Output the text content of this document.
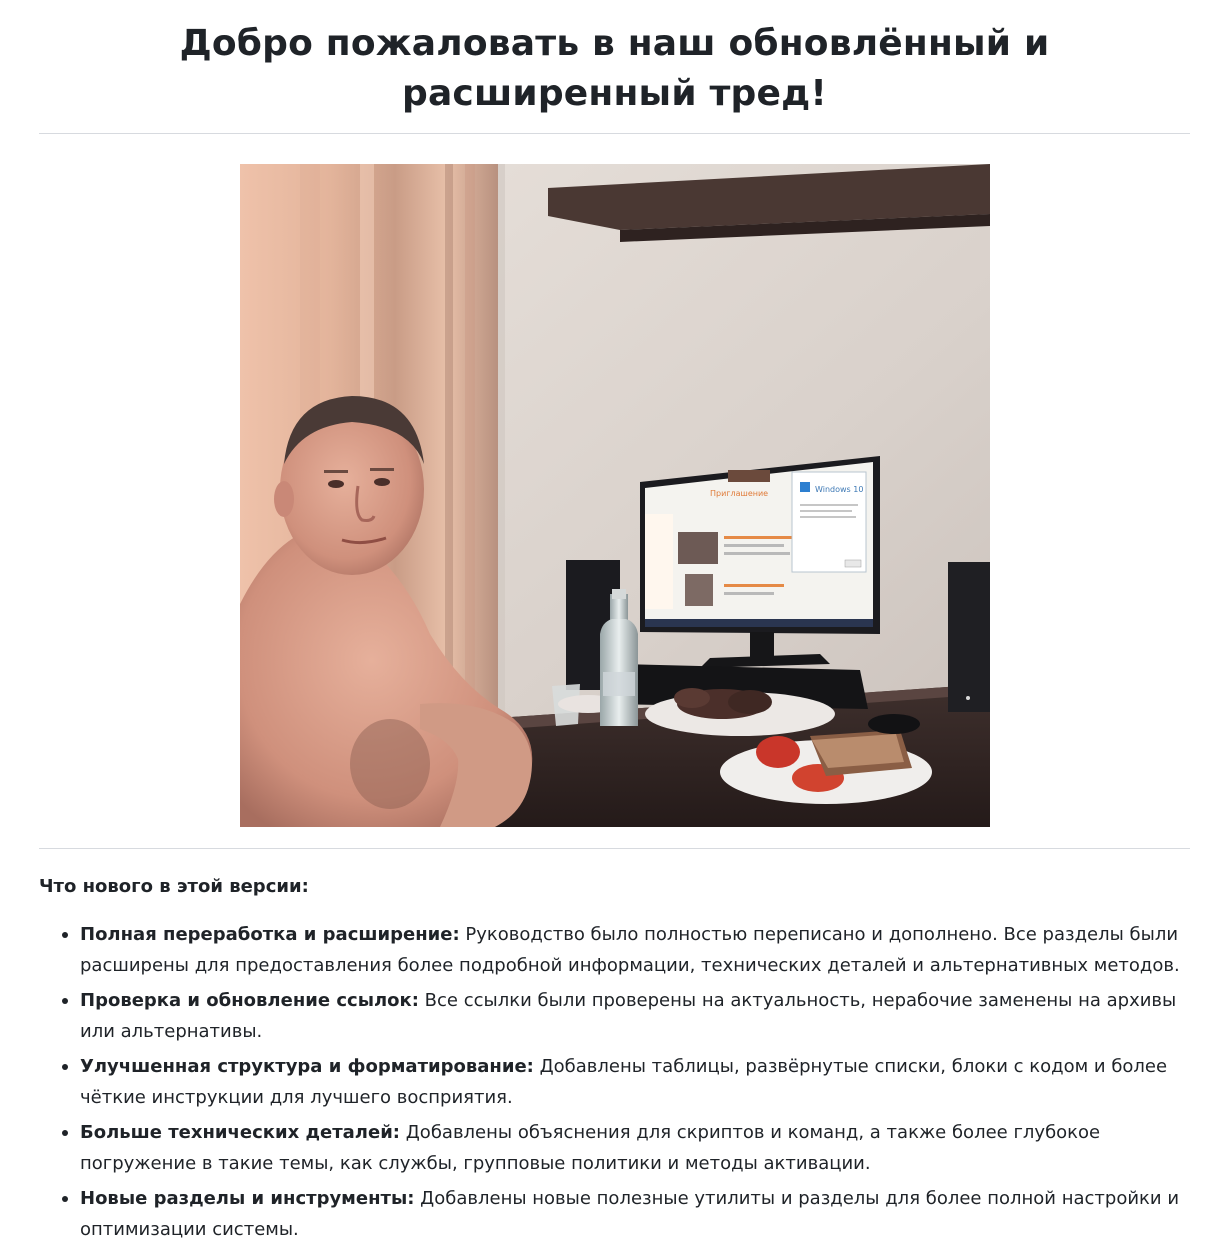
Добро пожаловать в наш обновлённый и расширенный тред!
Приглашение	Windows 10
Что нового в этой версии:
Полная переработка и расширение: Руководство было полностью переписано и дополнено. Все разделы были расширены для предоставления более подробной информации, технических деталей и альтернативных методов.
Проверка и обновление ссылок: Все ссылки были проверены на актуальность, нерабочие заменены на архивы или альтернативы.
Улучшенная структура и форматирование: Добавлены таблицы, развёрнутые списки, блоки с кодом и более чёткие инструкции для лучшего восприятия.
Больше технических деталей: Добавлены объяснения для скриптов и команд, а также более глубокое погружение в такие темы, как службы, групповые политики и методы активации.
Новые разделы и инструменты: Добавлены новые полезные утилиты и разделы для более полной настройки и оптимизации системы.
